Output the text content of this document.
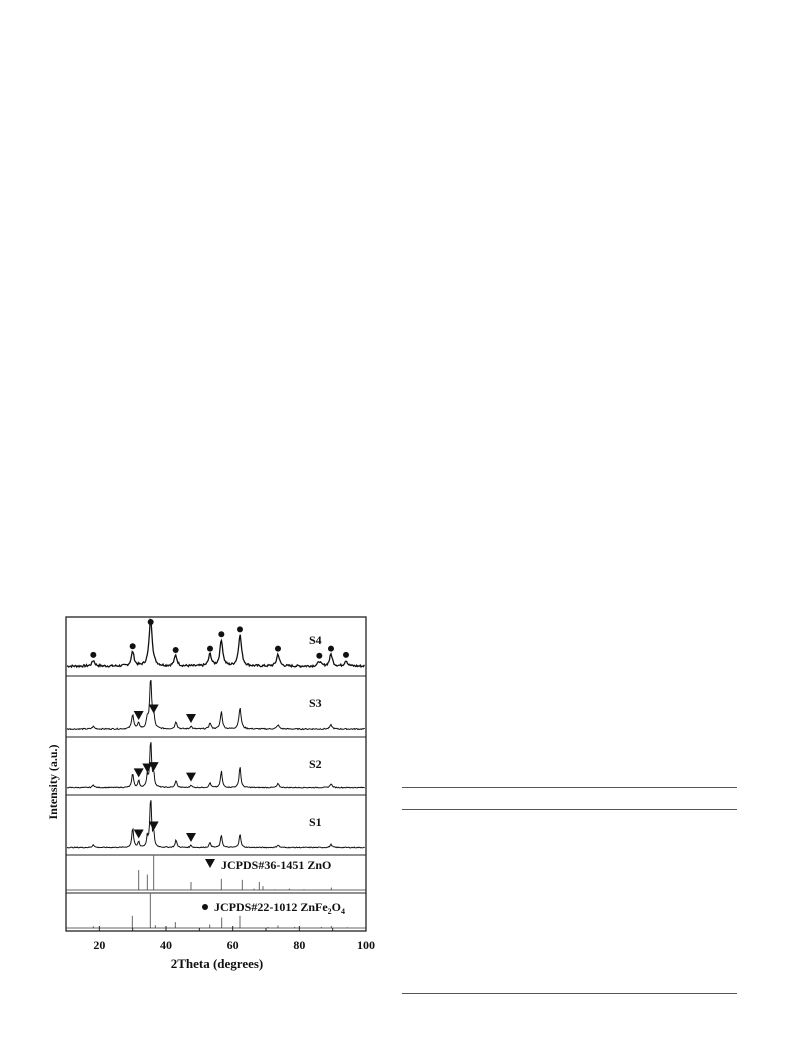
S4
S3
S2
S1
JCPDS#36-1451 ZnO
JCPDS#22-1012 $ZnFe_2O_4$
20	40	60	80	100
2Theta (degrees)
Intensity (a.u.)
